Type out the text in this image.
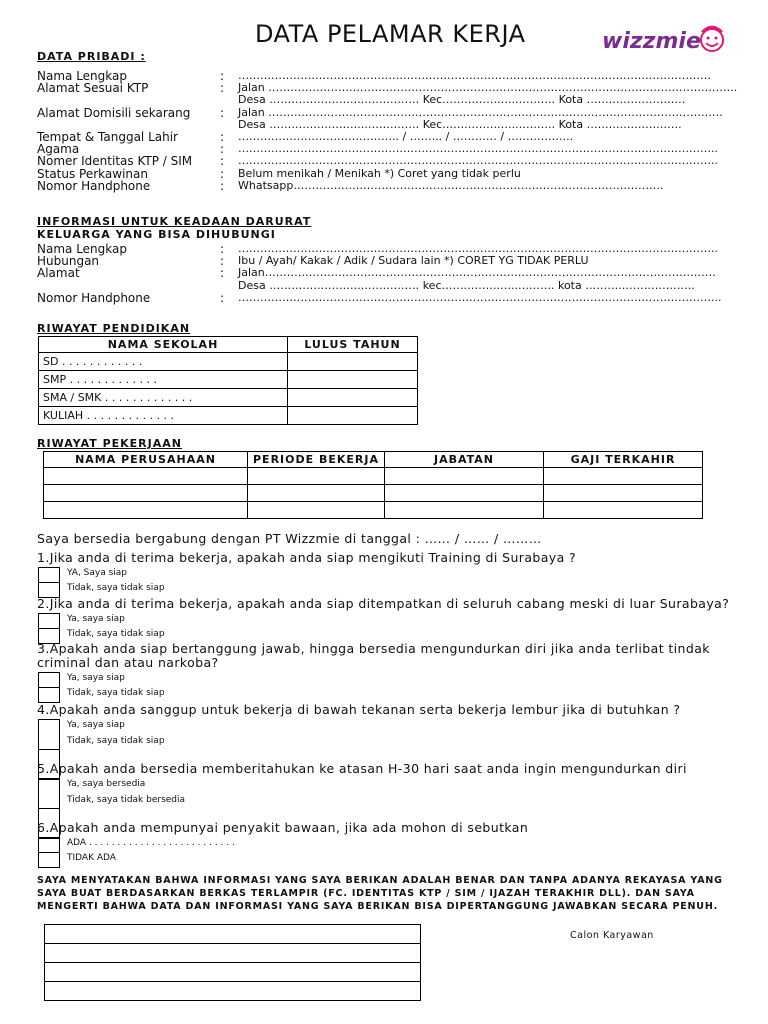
DATA PELAMAR KERJA	wizzmie
DATA PRIBADI :
Nama Lengkap	: …………………………………………………………………………………………………………………
Alamat Sesuai KTP	: Jalan ………………………………………………………………………………………………………………..
Desa ……………………..…………… Kec…………….…..………. Kota ……….……………..
Alamat Domisili sekarang : Jalan …………………………………………………………………………………………………………….
Desa ……………………..…………… Kec…………….…..………. Kota ……….…………….
Tempat & Tanggal Lahir	: …………………………………….. / ……... / ………… / ……………...
Agama	: …………………………………………………………………………………………………………………..
Nomer Identitas KTP / SIM : …………………………………………………………………………………………………………………..
Status Perkawinan	: Belum menikah / Menikah *) Coret yang tidak perlu
Nomor Handphone	: Whatsapp………………………………………………………………………………………..
INFORMASI UNTUK KEADAAN DARURAT
KELUARGA YANG BISA DIHUBUNGI
Nama Lengkap	: …………………………………………………………………………………………………………………..
Hubungan	: Ibu / Ayah/ Kakak / Adik / Sudara lain *) CORET YG TIDAK PERLU
Alamat	: Jalan……………………………………………………………………………………………………………
Desa ……………………..…………… kec…………….…..………. kota ……….………………..
Nomor Handphone	: …………………………………………………………………………………………………………………...
RIWAYAT PENDIDIKAN
NAMA SEKOLAH	LULUS TAHUN
SD . . . . . . . . . . . .	
SMP . . . . . . . . . . . . .	
SMA / SMK . . . . . . . . . . . . .	
KULIAH . . . . . . . . . . . . .	
RIWAYAT PEKERJAAN
NAMA PERUSAHAAN	PERIODE BEKERJA	JABATAN	GAJI TERKAHIR

Saya bersedia bergabung dengan PT Wizzmie di tanggal : …… / …… / ………
1.Jika anda di terima bekerja, apakah anda siap mengikuti Training di Surabaya ?
YA, Saya siap
Tidak, saya tidak siap
2.Jika anda di terima bekerja, apakah anda siap ditempatkan di seluruh cabang meski di luar Surabaya?
Ya, saya siap
Tidak, saya tidak siap
3.Apakah anda siap bertanggung jawab, hingga bersedia mengundurkan diri jika anda terlibat tindak
criminal dan atau narkoba?
Ya, saya siap
Tidak, saya tidak siap
4.Apakah anda sanggup untuk bekerja di bawah tekanan serta bekerja lembur jika di butuhkan ?
Ya, saya siap
Tidak, saya tidak siap
5.Apakah anda bersedia memberitahukan ke atasan H-30 hari saat anda ingin mengundurkan diri
Ya, saya bersedia
Tidak, saya tidak bersedia
6.Apakah anda mempunyai penyakit bawaan, jika ada mohon di sebutkan
ADA . . . . . . . . . . . . . . . . . . . . . . . . . .
TIDAK ADA
SAYA MENYATAKAN BAHWA INFORMASI YANG SAYA BERIKAN ADALAH BENAR DAN TANPA ADANYA REKAYASA YANG
SAYA BUAT BERDASARKAN BERKAS TERLAMPIR (FC. IDENTITAS KTP / SIM / IJAZAH TERAKHIR DLL). DAN SAYA
MENGERTI BAHWA DATA DAN INFORMASI YANG SAYA BERIKAN BISA DIPERTANGGUNG JAWABKAN SECARA PENUH.

Calon Karyawan
